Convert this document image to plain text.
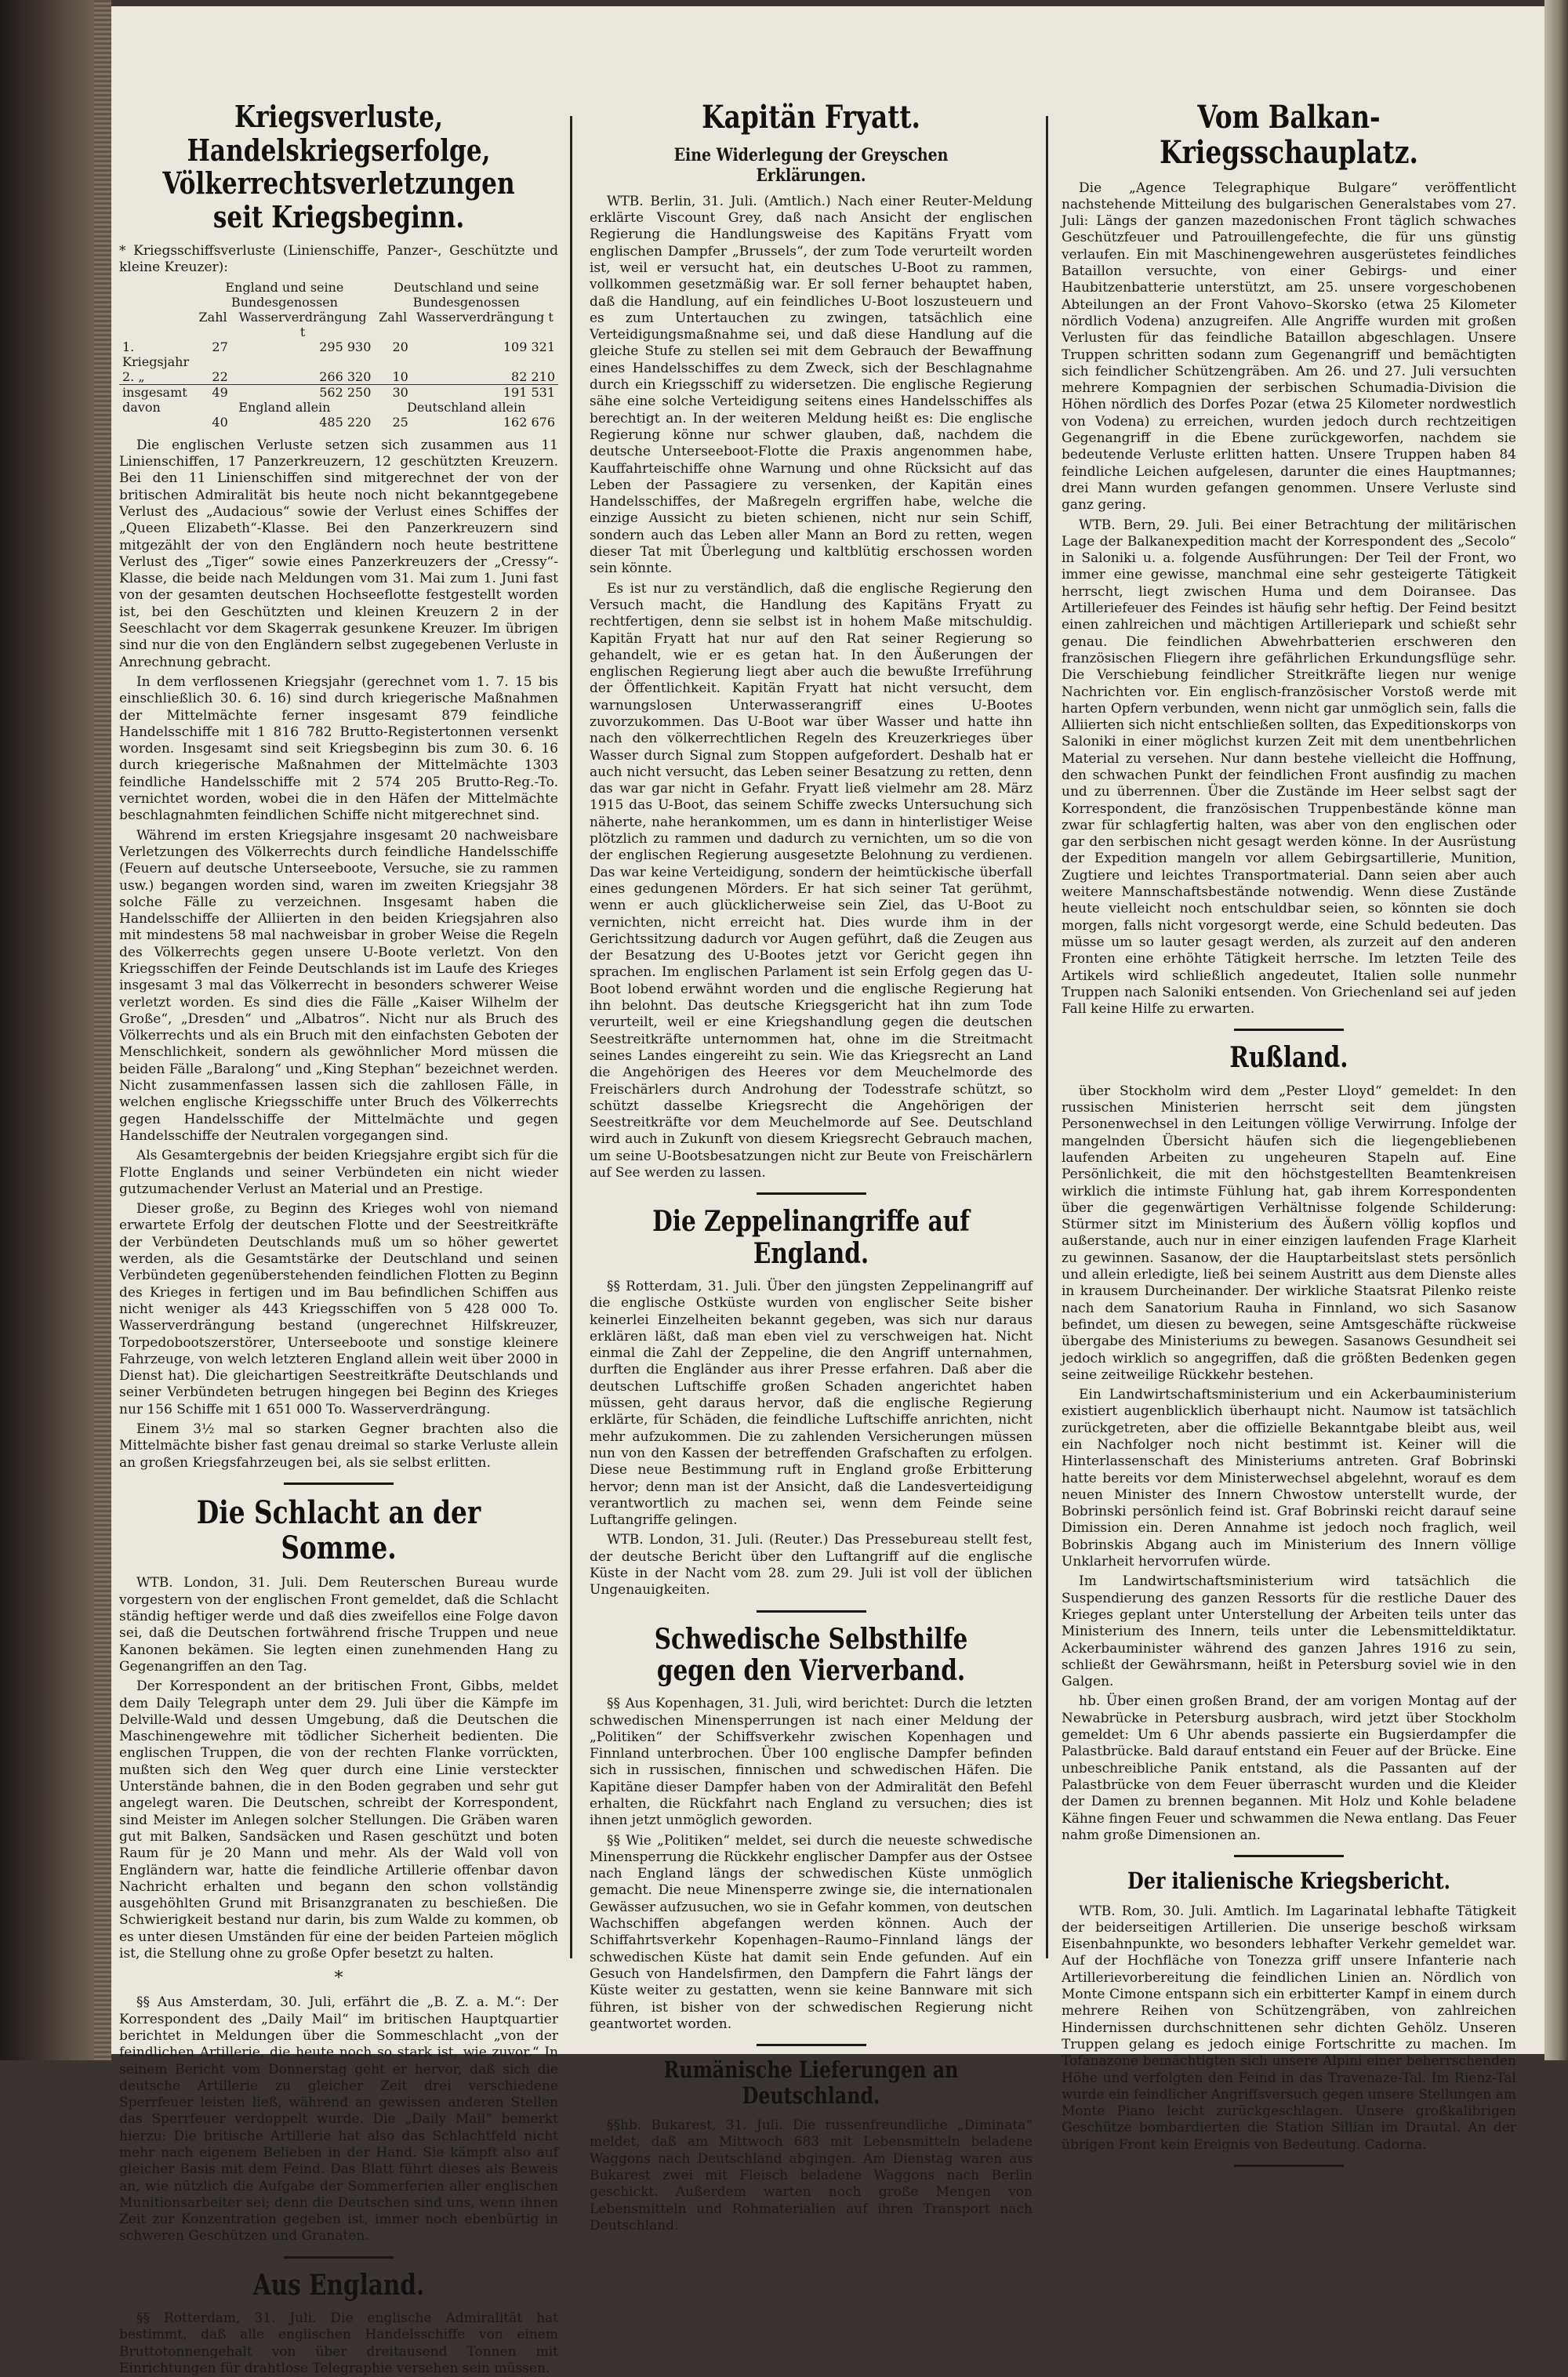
Kriegsverluste, Handelskriegserfolge, Völkerrechtsverletzungen seit Kriegsbeginn.

* Kriegsschiffsverluste (Linienschiffe, Panzer-, Geschützte und kleine Kreuzer):

	England und seine Bundesgenossen		Deutschland und seine Bundesgenossen	
	Zahl	Wasserverdrängung t	Zahl	Wasserverdrängung t
1. Kriegsjahr	27	295 930	20	109 321
2. „	22	266 320	10	82 210
insgesamt	49	562 250	30	191 531
davon	England allein		Deutschland allein	
	40	485 220	25	162 676

Die englischen Verluste setzen sich zusammen aus 11 Linienschiffen, 17 Panzerkreuzern, 12 geschützten Kreuzern. Bei den 11 Linienschiffen sind mitgerechnet der von der britischen Admiralität bis heute noch nicht bekanntgegebene Verlust des „Audacious“ sowie der Verlust eines Schiffes der „Queen Elizabeth“-Klasse. Bei den Panzerkreuzern sind mitgezählt der von den Engländern noch heute bestrittene Verlust des „Tiger“ sowie eines Panzerkreuzers der „Cressy“-Klasse, die beide nach Meldungen vom 31. Mai zum 1. Juni fast von der gesamten deutschen Hochseeflotte festgestellt worden ist, bei den Geschützten und kleinen Kreuzern 2 in der Seeschlacht vor dem Skagerrak gesunkene Kreuzer. Im übrigen sind nur die von den Engländern selbst zugegebenen Verluste in Anrechnung gebracht.

In dem verflossenen Kriegsjahr (gerechnet vom 1. 7. 15 bis einschließlich 30. 6. 16) sind durch kriegerische Maßnahmen der Mittelmächte ferner insgesamt 879 feindliche Handelsschiffe mit 1 816 782 Brutto-Registertonnen versenkt worden. Insgesamt sind seit Kriegsbeginn bis zum 30. 6. 16 durch kriegerische Maßnahmen der Mittelmächte 1303 feindliche Handelsschiffe mit 2 574 205 Brutto-Reg.-To. vernichtet worden, wobei die in den Häfen der Mittelmächte beschlagnahmten feindlichen Schiffe nicht mitgerechnet sind.

Während im ersten Kriegsjahre insgesamt 20 nachweisbare Verletzungen des Völkerrechts durch feindliche Handelsschiffe (Feuern auf deutsche Unterseeboote, Versuche, sie zu rammen usw.) begangen worden sind, waren im zweiten Kriegsjahr 38 solche Fälle zu verzeichnen. Insgesamt haben die Handelsschiffe der Alliierten in den beiden Kriegsjahren also mit mindestens 58 mal nachweisbar in grober Weise die Regeln des Völkerrechts gegen unsere U-Boote verletzt. Von den Kriegsschiffen der Feinde Deutschlands ist im Laufe des Krieges insgesamt 3 mal das Völkerrecht in besonders schwerer Weise verletzt worden. Es sind dies die Fälle „Kaiser Wilhelm der Große“, „Dresden“ und „Albatros“. Nicht nur als Bruch des Völkerrechts und als ein Bruch mit den einfachsten Geboten der Menschlichkeit, sondern als gewöhnlicher Mord müssen die beiden Fälle „Baralong“ und „King Stephan“ bezeichnet werden. Nicht zusammenfassen lassen sich die zahllosen Fälle, in welchen englische Kriegsschiffe unter Bruch des Völkerrechts gegen Handelsschiffe der Mittelmächte und gegen Handelsschiffe der Neutralen vorgegangen sind.

Als Gesamtergebnis der beiden Kriegsjahre ergibt sich für die Flotte Englands und seiner Verbündeten ein nicht wieder gutzumachender Verlust an Material und an Prestige.

Dieser große, zu Beginn des Krieges wohl von niemand erwartete Erfolg der deutschen Flotte und der Seestreitkräfte der Verbündeten Deutschlands muß um so höher gewertet werden, als die Gesamtstärke der Deutschland und seinen Verbündeten gegenüberstehenden feindlichen Flotten zu Beginn des Krieges in fertigen und im Bau befindlichen Schiffen aus nicht weniger als 443 Kriegsschiffen von 5 428 000 To. Wasserverdrängung bestand (ungerechnet Hilfskreuzer, Torpedobootszerstörer, Unterseeboote und sonstige kleinere Fahrzeuge, von welch letzteren England allein weit über 2000 in Dienst hat). Die gleichartigen Seestreitkräfte Deutschlands und seiner Verbündeten betrugen hingegen bei Beginn des Krieges nur 156 Schiffe mit 1 651 000 To. Wasserverdrängung.

Einem 3½ mal so starken Gegner brachten also die Mittelmächte bisher fast genau dreimal so starke Verluste allein an großen Kriegsfahrzeugen bei, als sie selbst erlitten.

Die Schlacht an der Somme.

WTB. London, 31. Juli. Dem Reuterschen Bureau wurde vorgestern von der englischen Front gemeldet, daß die Schlacht ständig heftiger werde und daß dies zweifellos eine Folge davon sei, daß die Deutschen fortwährend frische Truppen und neue Kanonen bekämen. Sie legten einen zunehmenden Hang zu Gegenangriffen an den Tag.

Der Korrespondent an der britischen Front, Gibbs, meldet dem Daily Telegraph unter dem 29. Juli über die Kämpfe im Delville-Wald und dessen Umgebung, daß die Deutschen die Maschinengewehre mit tödlicher Sicherheit bedienten. Die englischen Truppen, die von der rechten Flanke vorrückten, mußten sich den Weg quer durch eine Linie versteckter Unterstände bahnen, die in den Boden gegraben und sehr gut angelegt waren. Die Deutschen, schreibt der Korrespondent, sind Meister im Anlegen solcher Stellungen. Die Gräben waren gut mit Balken, Sandsäcken und Rasen geschützt und boten Raum für je 20 Mann und mehr. Als der Wald voll von Engländern war, hatte die feindliche Artillerie offenbar davon Nachricht erhalten und begann den schon vollständig ausgehöhlten Grund mit Brisanzgranaten zu beschießen. Die Schwierigkeit bestand nur darin, bis zum Walde zu kommen, ob es unter diesen Umständen für eine der beiden Parteien möglich ist, die Stellung ohne zu große Opfer besetzt zu halten.

*

§§ Aus Amsterdam, 30. Juli, erfährt die „B. Z. a. M.“: Der Korrespondent des „Daily Mail“ im britischen Hauptquartier berichtet in Meldungen über die Sommeschlacht „von der feindlichen Artillerie, die heute noch so stark ist, wie zuvor.“ In seinem Bericht vom Donnerstag geht er hervor, daß sich die deutsche Artillerie zu gleicher Zeit drei verschiedene Sperrfeuer leisten ließ, während an gewissen anderen Stellen das Sperrfeuer verdoppelt wurde. Die „Daily Mail“ bemerkt hierzu: Die britische Artillerie hat also das Schlachtfeld nicht mehr nach eigenem Belieben in der Hand. Sie kämpft also auf gleicher Basis mit dem Feind. Das Blatt führt dieses als Beweis an, wie nützlich die Aufgabe der Sommerferien aller englischen Munitionsarbeiter sei; denn die Deutschen sind uns, wenn ihnen Zeit zur Konzentration gegeben ist, immer noch ebenbürtig in schweren Geschützen und Granaten.

Aus England.

§§ Rotterdam, 31. Juli. Die englische Admiralität hat bestimmt, daß alle englischen Handelsschiffe von einem Bruttotonnengehalt von über dreitausend Tonnen mit Einrichtungen für drahtlose Telegraphie versehen sein müssen.

Kapitän Fryatt.
Eine Widerlegung der Greyschen Erklärungen.

WTB. Berlin, 31. Juli. (Amtlich.) Nach einer Reuter-Meldung erklärte Viscount Grey, daß nach Ansicht der englischen Regierung die Handlungsweise des Kapitäns Fryatt vom englischen Dampfer „Brussels“, der zum Tode verurteilt worden ist, weil er versucht hat, ein deutsches U-Boot zu rammen, vollkommen gesetzmäßig war. Er soll ferner behauptet haben, daß die Handlung, auf ein feindliches U-Boot loszusteuern und es zum Untertauchen zu zwingen, tatsächlich eine Verteidigungsmaßnahme sei, und daß diese Handlung auf die gleiche Stufe zu stellen sei mit dem Gebrauch der Bewaffnung eines Handelsschiffes zu dem Zweck, sich der Beschlagnahme durch ein Kriegsschiff zu widersetzen. Die englische Regierung sähe eine solche Verteidigung seitens eines Handelsschiffes als berechtigt an. In der weiteren Meldung heißt es: Die englische Regierung könne nur schwer glauben, daß, nachdem die deutsche Unterseeboot-Flotte die Praxis angenommen habe, Kauffahrteischiffe ohne Warnung und ohne Rücksicht auf das Leben der Passagiere zu versenken, der Kapitän eines Handelsschiffes, der Maßregeln ergriffen habe, welche die einzige Aussicht zu bieten schienen, nicht nur sein Schiff, sondern auch das Leben aller Mann an Bord zu retten, wegen dieser Tat mit Überlegung und kaltblütig erschossen worden sein könnte.

Es ist nur zu verständlich, daß die englische Regierung den Versuch macht, die Handlung des Kapitäns Fryatt zu rechtfertigen, denn sie selbst ist in hohem Maße mitschuldig. Kapitän Fryatt hat nur auf den Rat seiner Regierung so gehandelt, wie er es getan hat. In den Äußerungen der englischen Regierung liegt aber auch die bewußte Irreführung der Öffentlichkeit. Kapitän Fryatt hat nicht versucht, dem warnungslosen Unterwasserangriff eines U-Bootes zuvorzukommen. Das U-Boot war über Wasser und hatte ihn nach den völkerrechtlichen Regeln des Kreuzerkrieges über Wasser durch Signal zum Stoppen aufgefordert. Deshalb hat er auch nicht versucht, das Leben seiner Besatzung zu retten, denn das war gar nicht in Gefahr. Fryatt ließ vielmehr am 28. März 1915 das U-Boot, das seinem Schiffe zwecks Untersuchung sich näherte, nahe herankommen, um es dann in hinterlistiger Weise plötzlich zu rammen und dadurch zu vernichten, um so die von der englischen Regierung ausgesetzte Belohnung zu verdienen. Das war keine Verteidigung, sondern der heimtückische überfall eines gedungenen Mörders. Er hat sich seiner Tat gerühmt, wenn er auch glücklicherweise sein Ziel, das U-Boot zu vernichten, nicht erreicht hat. Dies wurde ihm in der Gerichtssitzung dadurch vor Augen geführt, daß die Zeugen aus der Besatzung des U-Bootes jetzt vor Gericht gegen ihn sprachen. Im englischen Parlament ist sein Erfolg gegen das U-Boot lobend erwähnt worden und die englische Regierung hat ihn belohnt. Das deutsche Kriegsgericht hat ihn zum Tode verurteilt, weil er eine Kriegshandlung gegen die deutschen Seestreitkräfte unternommen hat, ohne im die Streitmacht seines Landes eingereiht zu sein. Wie das Kriegsrecht an Land die Angehörigen des Heeres vor dem Meuchelmorde des Freischärlers durch Androhung der Todesstrafe schützt, so schützt dasselbe Kriegsrecht die Angehörigen der Seestreitkräfte vor dem Meuchelmorde auf See. Deutschland wird auch in Zukunft von diesem Kriegsrecht Gebrauch machen, um seine U-Bootsbesatzungen nicht zur Beute von Freischärlern auf See werden zu lassen.

Die Zeppelinangriffe auf England.

§§ Rotterdam, 31. Juli. Über den jüngsten Zeppelinangriff auf die englische Ostküste wurden von englischer Seite bisher keinerlei Einzelheiten bekannt gegeben, was sich nur daraus erklären läßt, daß man eben viel zu verschweigen hat. Nicht einmal die Zahl der Zeppeline, die den Angriff unternahmen, durften die Engländer aus ihrer Presse erfahren. Daß aber die deutschen Luftschiffe großen Schaden angerichtet haben müssen, geht daraus hervor, daß die englische Regierung erklärte, für Schäden, die feindliche Luftschiffe anrichten, nicht mehr aufzukommen. Die zu zahlenden Versicherungen müssen nun von den Kassen der betreffenden Grafschaften zu erfolgen. Diese neue Bestimmung ruft in England große Erbitterung hervor; denn man ist der Ansicht, daß die Landesverteidigung verantwortlich zu machen sei, wenn dem Feinde seine Luftangriffe gelingen.

WTB. London, 31. Juli. (Reuter.) Das Pressebureau stellt fest, der deutsche Bericht über den Luftangriff auf die englische Küste in der Nacht vom 28. zum 29. Juli ist voll der üblichen Ungenauigkeiten.

Schwedische Selbsthilfe gegen den Vierverband.

§§ Aus Kopenhagen, 31. Juli, wird berichtet: Durch die letzten schwedischen Minensperrungen ist nach einer Meldung der „Politiken“ der Schiffsverkehr zwischen Kopenhagen und Finnland unterbrochen. Über 100 englische Dampfer befinden sich in russischen, finnischen und schwedischen Häfen. Die Kapitäne dieser Dampfer haben von der Admiralität den Befehl erhalten, die Rückfahrt nach England zu versuchen; dies ist ihnen jetzt unmöglich geworden.

§§ Wie „Politiken“ meldet, sei durch die neueste schwedische Minensperrung die Rückkehr englischer Dampfer aus der Ostsee nach England längs der schwedischen Küste unmöglich gemacht. Die neue Minensperre zwinge sie, die internationalen Gewässer aufzusuchen, wo sie in Gefahr kommen, von deutschen Wachschiffen abgefangen werden können. Auch der Schiffahrtsverkehr Kopenhagen–Raumo–Finnland längs der schwedischen Küste hat damit sein Ende gefunden. Auf ein Gesuch von Handelsfirmen, den Dampfern die Fahrt längs der Küste weiter zu gestatten, wenn sie keine Bannware mit sich führen, ist bisher von der schwedischen Regierung nicht geantwortet worden.

Rumänische Lieferungen an Deutschland.

§§hb. Bukarest, 31. Juli. Die russenfreundliche „Diminata“ meldet, daß am Mittwoch 683 mit Lebensmitteln beladene Waggons nach Deutschland abgingen. Am Dienstag waren aus Bukarest zwei mit Fleisch beladene Waggons nach Berlin geschickt. Außerdem warten noch große Mengen von Lebensmitteln und Rohmaterialien auf ihren Transport nach Deutschland.

Vom Balkan-Kriegsschauplatz.

Die „Agence Telegraphique Bulgare“ veröffentlicht nachstehende Mitteilung des bulgarischen Generalstabes vom 27. Juli: Längs der ganzen mazedonischen Front täglich schwaches Geschützfeuer und Patrouillengefechte, die für uns günstig verlaufen. Ein mit Maschinengewehren ausgerüstetes feindliches Bataillon versuchte, von einer Gebirgs- und einer Haubitzenbatterie unterstützt, am 25. unsere vorgeschobenen Abteilungen an der Front Vahovo–Skorsko (etwa 25 Kilometer nördlich Vodena) anzugreifen. Alle Angriffe wurden mit großen Verlusten für das feindliche Bataillon abgeschlagen. Unsere Truppen schritten sodann zum Gegenangriff und bemächtigten sich feindlicher Schützengräben. Am 26. und 27. Juli versuchten mehrere Kompagnien der serbischen Schumadia-Division die Höhen nördlich des Dorfes Pozar (etwa 25 Kilometer nordwestlich von Vodena) zu erreichen, wurden jedoch durch rechtzeitigen Gegenangriff in die Ebene zurückgeworfen, nachdem sie bedeutende Verluste erlitten hatten. Unsere Truppen haben 84 feindliche Leichen aufgelesen, darunter die eines Hauptmannes; drei Mann wurden gefangen genommen. Unsere Verluste sind ganz gering.

WTB. Bern, 29. Juli. Bei einer Betrachtung der militärischen Lage der Balkanexpedition macht der Korrespondent des „Secolo“ in Saloniki u. a. folgende Ausführungen: Der Teil der Front, wo immer eine gewisse, manchmal eine sehr gesteigerte Tätigkeit herrscht, liegt zwischen Huma und dem Doiransee. Das Artilleriefeuer des Feindes ist häufig sehr heftig. Der Feind besitzt einen zahlreichen und mächtigen Artilleriepark und schießt sehr genau. Die feindlichen Abwehrbatterien erschweren den französischen Fliegern ihre gefährlichen Erkundungsflüge sehr. Die Verschiebung feindlicher Streitkräfte liegen nur wenige Nachrichten vor. Ein englisch-französischer Vorstoß werde mit harten Opfern verbunden, wenn nicht gar unmöglich sein, falls die Alliierten sich nicht entschließen sollten, das Expeditionskorps von Saloniki in einer möglichst kurzen Zeit mit dem unentbehrlichen Material zu versehen. Nur dann bestehe vielleicht die Hoffnung, den schwachen Punkt der feindlichen Front ausfindig zu machen und zu überrennen. Über die Zustände im Heer selbst sagt der Korrespondent, die französischen Truppenbestände könne man zwar für schlagfertig halten, was aber von den englischen oder gar den serbischen nicht gesagt werden könne. In der Ausrüstung der Expedition mangeln vor allem Gebirgsartillerie, Munition, Zugtiere und leichtes Transportmaterial. Dann seien aber auch weitere Mannschaftsbestände notwendig. Wenn diese Zustände heute vielleicht noch entschuldbar seien, so könnten sie doch morgen, falls nicht vorgesorgt werde, eine Schuld bedeuten. Das müsse um so lauter gesagt werden, als zurzeit auf den anderen Fronten eine erhöhte Tätigkeit herrsche. Im letzten Teile des Artikels wird schließlich angedeutet, Italien solle nunmehr Truppen nach Saloniki entsenden. Von Griechenland sei auf jeden Fall keine Hilfe zu erwarten.

Rußland.

über Stockholm wird dem „Pester Lloyd“ gemeldet: In den russischen Ministerien herrscht seit dem jüngsten Personenwechsel in den Leitungen völlige Verwirrung. Infolge der mangelnden Übersicht häufen sich die liegengebliebenen laufenden Arbeiten zu ungeheuren Stapeln auf. Eine Persönlichkeit, die mit den höchstgestellten Beamtenkreisen wirklich die intimste Fühlung hat, gab ihrem Korrespondenten über die gegenwärtigen Verhältnisse folgende Schilderung: Stürmer sitzt im Ministerium des Äußern völlig kopflos und außerstande, auch nur in einer einzigen laufenden Frage Klarheit zu gewinnen. Sasanow, der die Hauptarbeitslast stets persönlich und allein erledigte, ließ bei seinem Austritt aus dem Dienste alles in krausem Durcheinander. Der wirkliche Staatsrat Pilenko reiste nach dem Sanatorium Rauha in Finnland, wo sich Sasanow befindet, um diesen zu bewegen, seine Amtsgeschäfte rückweise übergabe des Ministeriums zu bewegen. Sasanows Gesundheit sei jedoch wirklich so angegriffen, daß die größten Bedenken gegen seine zeitweilige Rückkehr bestehen.

Ein Landwirtschaftsministerium und ein Ackerbauministerium existiert augenblicklich überhaupt nicht. Naumow ist tatsächlich zurückgetreten, aber die offizielle Bekanntgabe bleibt aus, weil ein Nachfolger noch nicht bestimmt ist. Keiner will die Hinterlassenschaft des Ministeriums antreten. Graf Bobrinski hatte bereits vor dem Ministerwechsel abgelehnt, worauf es dem neuen Minister des Innern Chwostow unterstellt wurde, der Bobrinski persönlich feind ist. Graf Bobrinski reicht darauf seine Dimission ein. Deren Annahme ist jedoch noch fraglich, weil Bobrinskis Abgang auch im Ministerium des Innern völlige Unklarheit hervorrufen würde.

Im Landwirtschaftsministerium wird tatsächlich die Suspendierung des ganzen Ressorts für die restliche Dauer des Krieges geplant unter Unterstellung der Arbeiten teils unter das Ministerium des Innern, teils unter die Lebensmitteldiktatur. Ackerbauminister während des ganzen Jahres 1916 zu sein, schließt der Gewährsmann, heißt in Petersburg soviel wie in den Galgen.

hb. Über einen großen Brand, der am vorigen Montag auf der Newabrücke in Petersburg ausbrach, wird jetzt über Stockholm gemeldet: Um 6 Uhr abends passierte ein Bugsierdampfer die Palastbrücke. Bald darauf entstand ein Feuer auf der Brücke. Eine unbeschreibliche Panik entstand, als die Passanten auf der Palastbrücke von dem Feuer überrascht wurden und die Kleider der Damen zu brennen begannen. Mit Holz und Kohle beladene Kähne fingen Feuer und schwammen die Newa entlang. Das Feuer nahm große Dimensionen an.

Der italienische Kriegsbericht.

WTB. Rom, 30. Juli. Amtlich. Im Lagarinatal lebhafte Tätigkeit der beiderseitigen Artillerien. Die unserige beschoß wirksam Eisenbahnpunkte, wo besonders lebhafter Verkehr gemeldet war. Auf der Hochfläche von Tonezza griff unsere Infanterie nach Artillerievorbereitung die feindlichen Linien an. Nördlich von Monte Cimone entspann sich ein erbitterter Kampf in einem durch mehrere Reihen von Schützengräben, von zahlreichen Hindernissen durchschnittenen sehr dichten Gehölz. Unseren Truppen gelang es jedoch einige Fortschritte zu machen. Im Tofanazone bemächtigten sich unsere Alpini einer beherrschenden Höhe und verfolgten den Feind in das Travenaze-Tal. Im Rienz-Tal wurde ein feindlicher Angriffsversuch gegen unsere Stellungen am Monte Piano leicht zurückgeschlagen. Unsere großkalibrigen Geschütze bombardierten die Station Sillian im Drautal. An der übrigen Front kein Ereignis von Bedeutung. Cadorna.
